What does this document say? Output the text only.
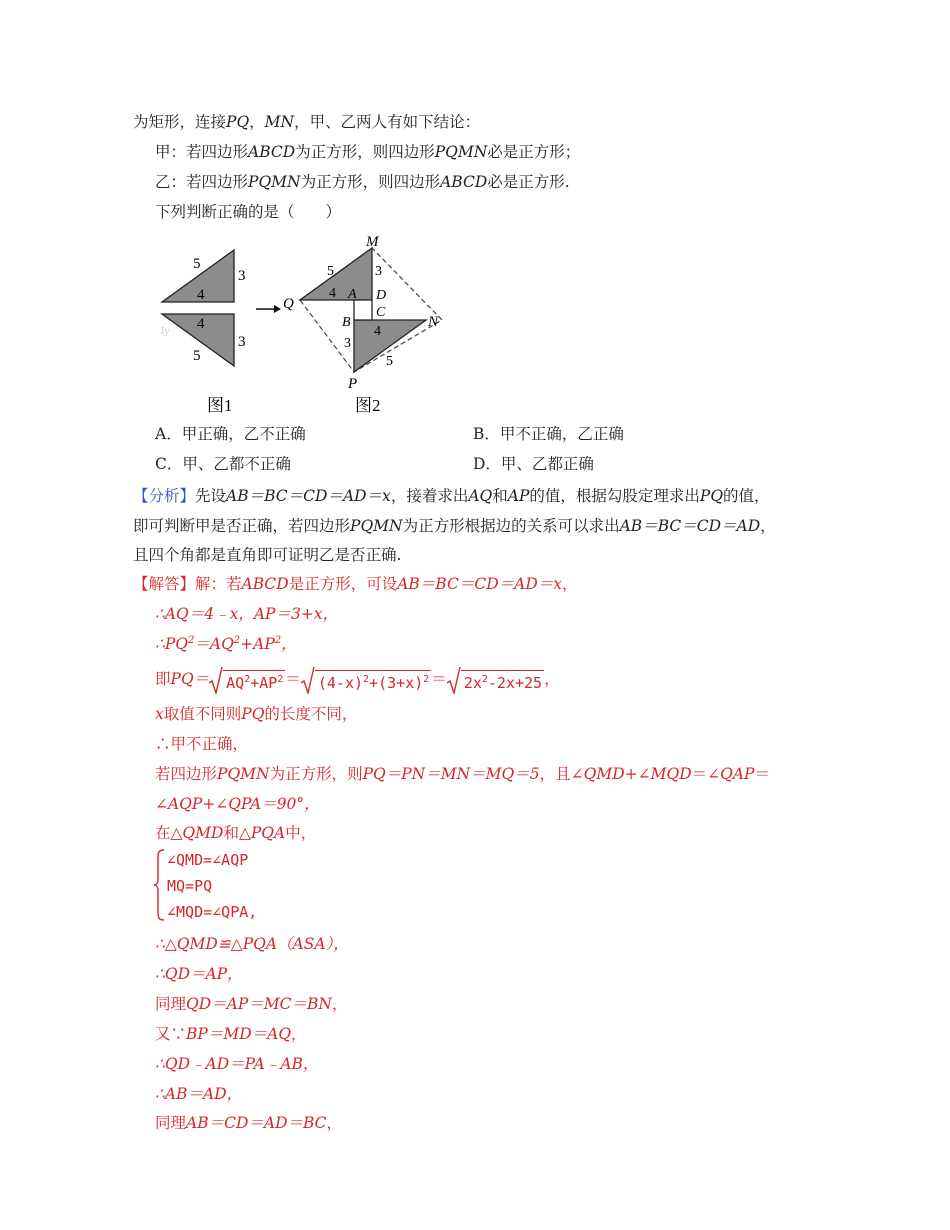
为矩形，连接PQ，MN，甲、乙两人有如下结论：
甲：若四边形ABCD为正方形，则四边形PQMN必是正方形；
乙：若四边形PQMN为正方形，则四边形ABCD必是正方形.
下列判断正确的是（　　）
5
3
4
4
5
3
Jy
图1
M
Q
A D
B
C
N
P
5	3
4
4
3
5
图2
A．甲正确，乙不正确	B．甲不正确，乙正确
C．甲、乙都不正确	D．甲、乙都正确
【分析】先设AB＝BC＝CD＝AD＝x，接着求出AQ和AP的值，根据勾股定理求出PQ的值，
即可判断甲是否正确，若四边形PQMN为正方形根据边的关系可以求出AB＝BC＝CD＝AD，
且四个角都是直角即可证明乙是否正确.
【解答】解：若ABCD是正方形，可设AB＝BC＝CD＝AD＝x，
∴AQ＝4﹣x，AP＝3+x，
$\therefore PQ^2=AQ^2+AP^2$，
即$PQ= AQ^2+AP^2 = (4-x)^2+(3+x)^2 = 2x^2-2x+25$ ，
x取值不同则PQ的长度不同，
∴甲不正确，
若四边形PQMN为正方形，则PQ＝PN＝MN＝MQ＝5，且∠QMD+∠MQD＝∠QAP＝
∠AQP+∠QPA＝90°，
在△QMD和△PQA中，
∠QMD=∠AQP
MQ=PQ
∠MQD=∠QPA,
∴△QMD≌△PQA（ASA），
∴QD＝AP，
同理QD＝AP＝MC＝BN，
又∵BP＝MD＝AQ，
∴QD﹣AD＝PA﹣AB，
∴AB＝AD，
同理AB＝CD＝AD＝BC，
